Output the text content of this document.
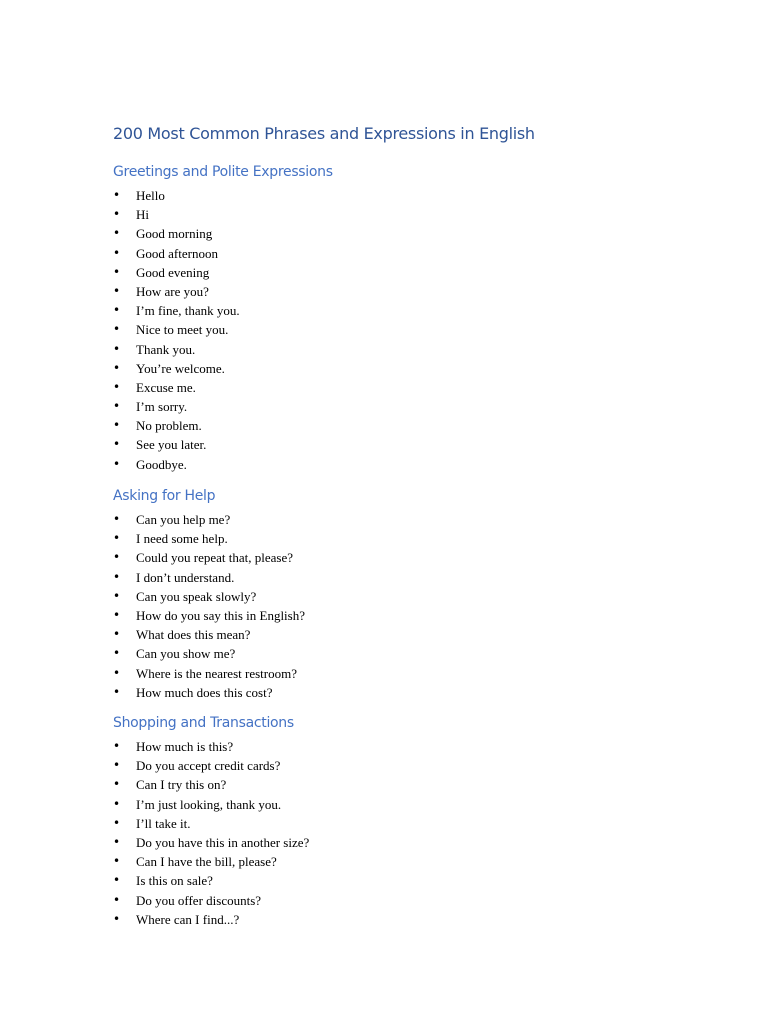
200 Most Common Phrases and Expressions in English
Greetings and Polite Expressions
• Hello
• Hi
• Good morning
• Good afternoon
• Good evening
• How are you?
• I’m fine, thank you.
• Nice to meet you.
• Thank you.
• You’re welcome.
• Excuse me.
• I’m sorry.
• No problem.
• See you later.
• Goodbye.
Asking for Help
• Can you help me?
• I need some help.
• Could you repeat that, please?
• I don’t understand.
• Can you speak slowly?
• How do you say this in English?
• What does this mean?
• Can you show me?
• Where is the nearest restroom?
• How much does this cost?
Shopping and Transactions
• How much is this?
• Do you accept credit cards?
• Can I try this on?
• I’m just looking, thank you.
• I’ll take it.
• Do you have this in another size?
• Can I have the bill, please?
• Is this on sale?
• Do you offer discounts?
• Where can I find...?
